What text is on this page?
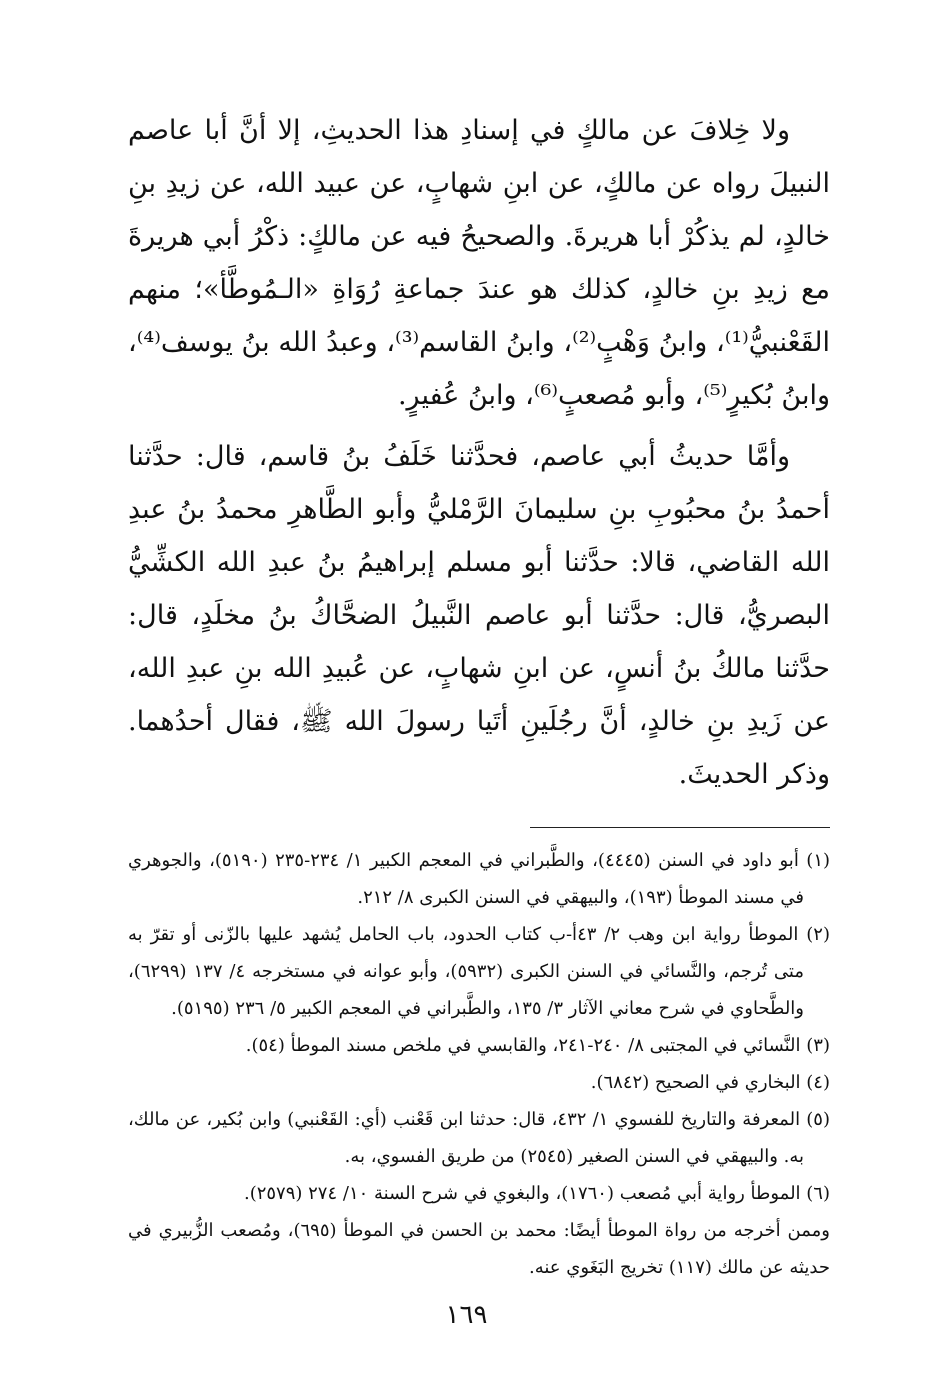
ولا خِلافَ عن مالكٍ في إسنادِ هذا الحديثِ، إلا أنَّ أبا عاصم النبيلَ رواه عن مالكٍ، عن ابنِ شهابٍ، عن عبيد الله، عن زيدِ بنِ خالدٍ، لم يذكُرْ أبا هريرةَ. والصحيحُ فيه عن مالكٍ: ذكْرُ أبي هريرةَ مع زيدِ بنِ خالدٍ، كذلك هو عندَ جماعةِ رُوَاةِ «الـمُوطَّأ»؛ منهم القَعْنبيُّ⁽¹⁾، وابنُ وَهْبٍ⁽²⁾، وابنُ القاسم⁽³⁾، وعبدُ الله بنُ يوسف⁽⁴⁾، وابنُ بُكيرٍ⁽⁵⁾، وأبو مُصعبٍ⁽⁶⁾، وابنُ عُفيرٍ.

وأمَّا حديثُ أبي عاصم، فحدَّثنا خَلَفُ بنُ قاسم، قال: حدَّثنا أحمدُ بنُ محبُوبِ بنِ سليمانَ الرَّمْليُّ وأبو الطَّاهرِ محمدُ بنُ عبدِ الله القاضي، قالا: حدَّثنا أبو مسلم إبراهيمُ بنُ عبدِ الله الكشِّيُّ البصريُّ، قال: حدَّثنا أبو عاصم النَّبيلُ الضحَّاكُ بنُ مخلَدٍ، قال: حدَّثنا مالكُ بنُ أنسٍ، عن ابنِ شهابٍ، عن عُبيدِ الله بنِ عبدِ الله، عن زَيدِ بنِ خالدٍ، أنَّ رجُلَينِ أتَيا رسولَ الله ﷺ، فقال أحدُهما. وذكر الحديثَ.

(١) أبو داود في السنن (٤٤٤٥)، والطَّبراني في المعجم الكبير ١/ ٢٣٤-٢٣٥ (٥١٩٠)، والجوهري في مسند الموطأ (١٩٣)، والبيهقي في السنن الكبرى ٨/ ٢١٢.

(٢) الموطأ رواية ابن وهب ٢/ ٤٣أ-ب كتاب الحدود، باب الحامل يُشهد عليها بالزّنى أو تقرّ به متى تُرجم، والنَّسائي في السنن الكبرى (٥٩٣٢)، وأبو عوانه في مستخرجه ٤/ ١٣٧ (٦٢٩٩)، والطَّحاوي في شرح معاني الآثار ٣/ ١٣٥، والطَّبراني في المعجم الكبير ٥/ ٢٣٦ (٥١٩٥).

(٣) النَّسائي في المجتبى ٨/ ٢٤٠-٢٤١، والقابسي في ملخص مسند الموطأ (٥٤).

(٤) البخاري في الصحيح (٦٨٤٢).

(٥) المعرفة والتاريخ للفسوي ١/ ٤٣٢، قال: حدثنا ابن قَعْنب (أي: القَعْنبي) وابن بُكير، عن مالك، به. والبيهقي في السنن الصغير (٢٥٤٥) من طريق الفسوي، به.

(٦) الموطأ رواية أبي مُصعب (١٧٦٠)، والبغوي في شرح السنة ١٠/ ٢٧٤ (٢٥٧٩).

وممن أخرجه من رواة الموطأ أيضًا: محمد بن الحسن في الموطأ (٦٩٥)، ومُصعب الزُّبيري في حديثه عن مالك (١١٧) تخريج البَغَوي عنه.

١٦٩
